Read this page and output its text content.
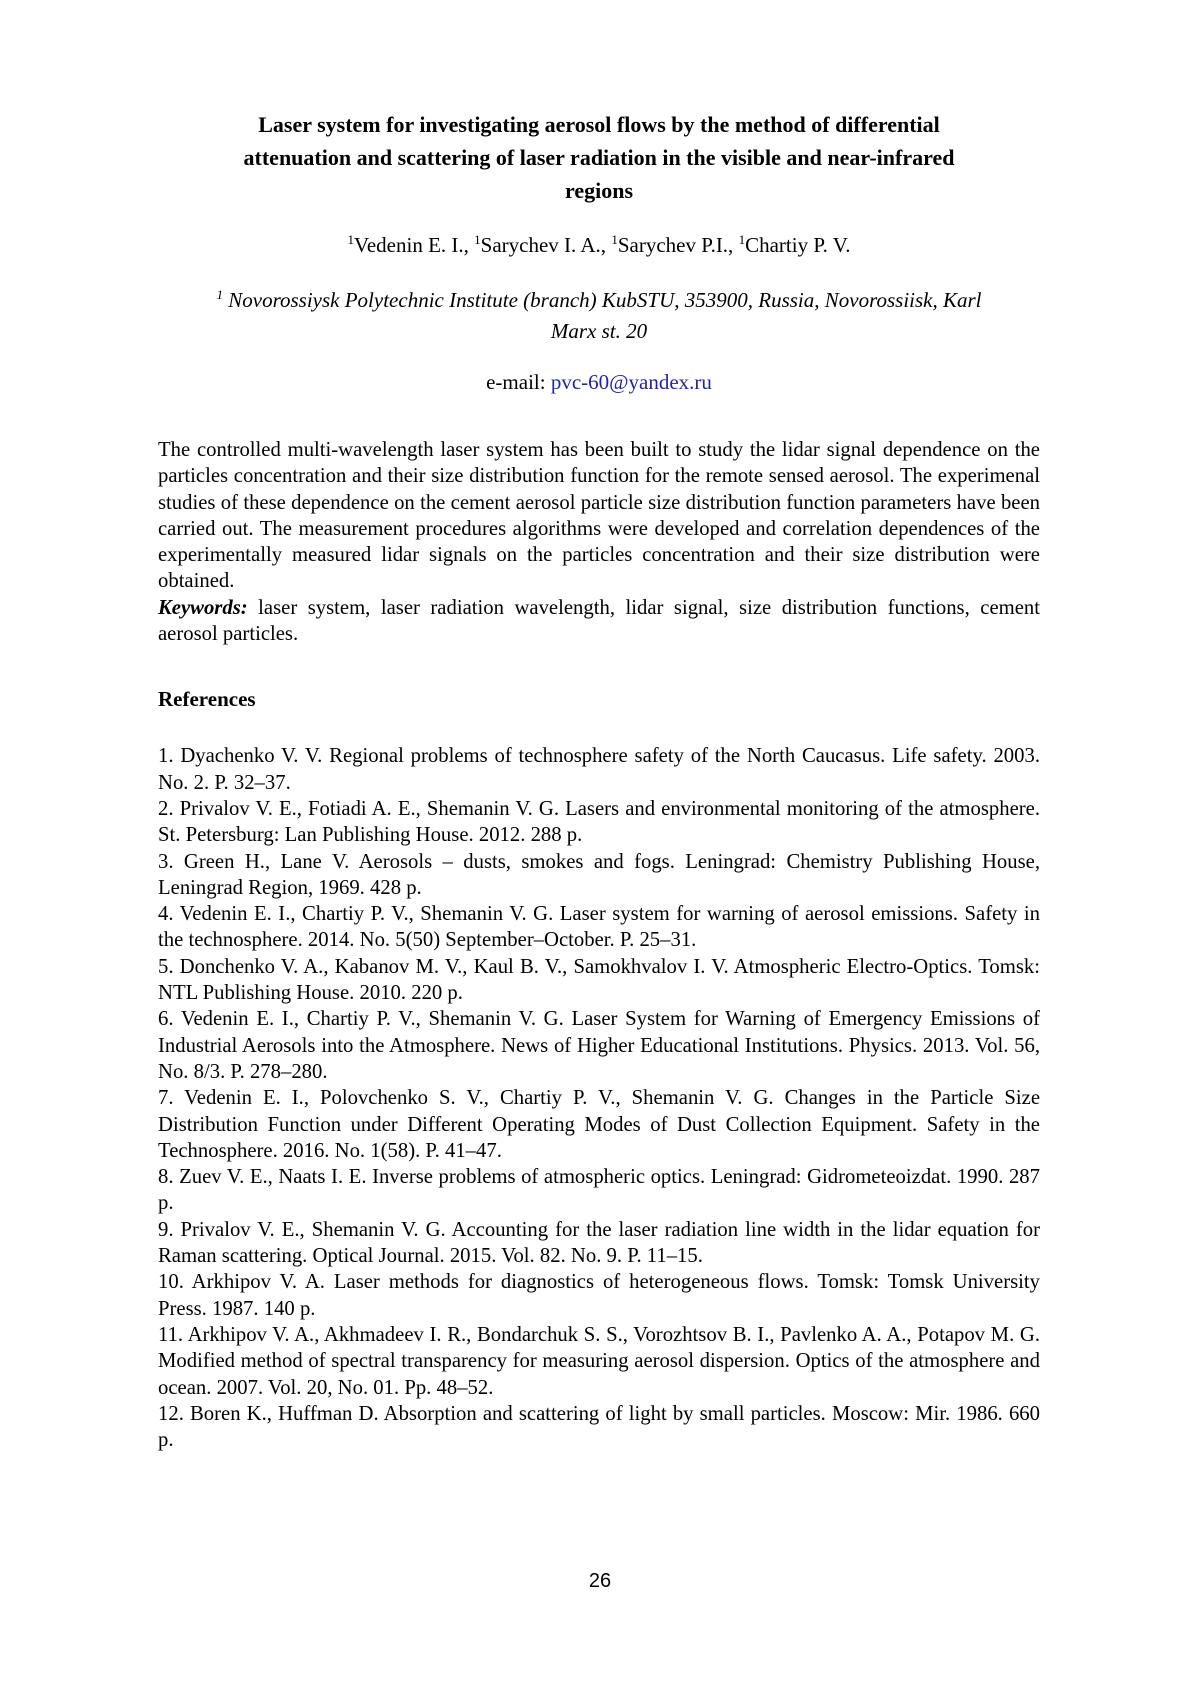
Laser system for investigating aerosol flows by the method of differential attenuation and scattering of laser radiation in the visible and near-infrared regions

$^1$Vedenin E. I., $^1$Sarychev I. A., $^1$Sarychev P.I., $^1$Chartiy P. V.

$^1$ Novorossiysk Polytechnic Institute (branch) KubSTU, 353900, Russia, Novorossiisk, Karl Marx st. 20

e-mail: pvc-60@yandex.ru

The controlled multi-wavelength laser system has been built to study the lidar signal dependence on the particles concentration and their size distribution function for the remote sensed aerosol. The experimenal studies of these dependence on the cement aerosol particle size distribution function parameters have been carried out. The measurement procedures algorithms were developed and correlation dependences of the experimentally measured lidar signals on the particles concentration and their size distribution were obtained.

Keywords: laser system, laser radiation wavelength, lidar signal, size distribution functions, cement aerosol particles.

References

1. Dyachenko V. V. Regional problems of technosphere safety of the North Caucasus. Life safety. 2003. No. 2. P. 32–37.

2. Privalov V. E., Fotiadi A. E., Shemanin V. G. Lasers and environmental monitoring of the atmosphere. St. Petersburg: Lan Publishing House. 2012. 288 p.

3. Green H., Lane V. Aerosols – dusts, smokes and fogs. Leningrad: Chemistry Publishing House, Leningrad Region, 1969. 428 p.

4. Vedenin E. I., Chartiy P. V., Shemanin V. G. Laser system for warning of aerosol emissions. Safety in the technosphere. 2014. No. 5(50) September–October. P. 25–31.

5. Donchenko V. A., Kabanov M. V., Kaul B. V., Samokhvalov I. V. Atmospheric Electro-Optics. Tomsk: NTL Publishing House. 2010. 220 p.

6. Vedenin E. I., Chartiy P. V., Shemanin V. G. Laser System for Warning of Emergency Emissions of Industrial Aerosols into the Atmosphere. News of Higher Educational Institutions. Physics. 2013. Vol. 56, No. 8/3. P. 278–280.

7. Vedenin E. I., Polovchenko S. V., Chartiy P. V., Shemanin V. G. Changes in the Particle Size Distribution Function under Different Operating Modes of Dust Collection Equipment. Safety in the Technosphere. 2016. No. 1(58). P. 41–47.

8. Zuev V. E., Naats I. E. Inverse problems of atmospheric optics. Leningrad: Gidrometeoizdat. 1990. 287 p.

9. Privalov V. E., Shemanin V. G. Accounting for the laser radiation line width in the lidar equation for Raman scattering. Optical Journal. 2015. Vol. 82. No. 9. P. 11–15.

10. Arkhipov V. A. Laser methods for diagnostics of heterogeneous flows. Tomsk: Tomsk University Press. 1987. 140 p.

11. Arkhipov V. A., Akhmadeev I. R., Bondarchuk S. S., Vorozhtsov B. I., Pavlenko A. A., Potapov M. G. Modified method of spectral transparency for measuring aerosol dispersion. Optics of the atmosphere and ocean. 2007. Vol. 20, No. 01. Pp. 48–52.

12. Boren K., Huffman D. Absorption and scattering of light by small particles. Moscow: Mir. 1986. 660 p.

26
